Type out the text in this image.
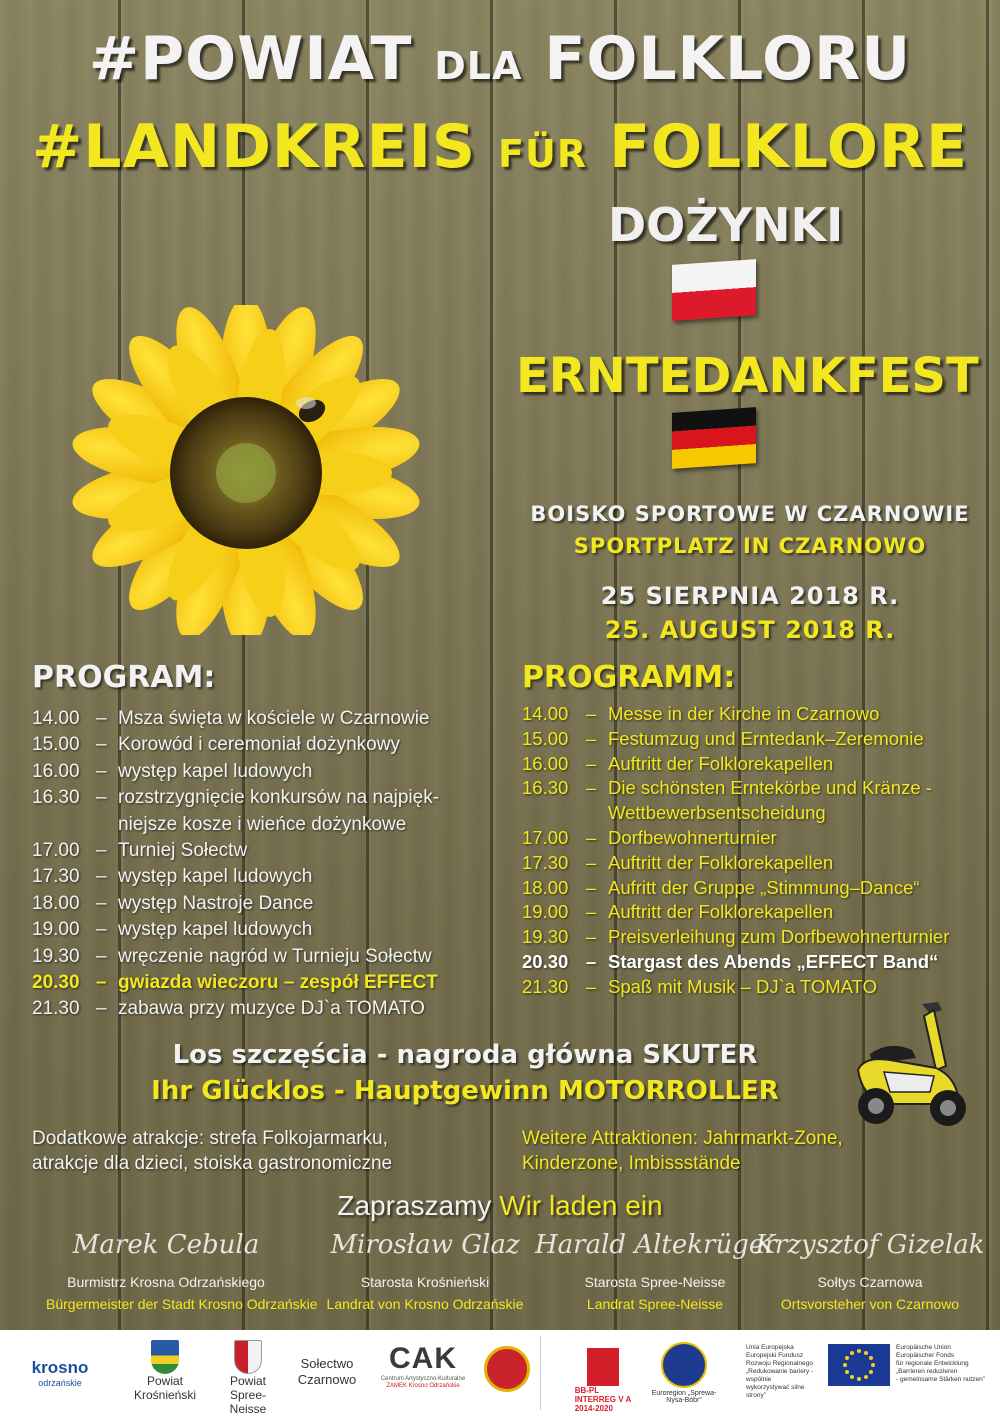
#POWIAT DLA FOLKLORU
#LANDKREIS FÜR FOLKLORE
DOŻYNKI
ERNTEDANKFEST
BOISKO SPORTOWE W CZARNOWIE
SPORTPLATZ IN CZARNOWO
25 SIERPNIA 2018 R.
25. AUGUST 2018 R.
PROGRAM:	PROGRAMM:
14.00 – Msza święta w kościele w Czarnowie
15.00 – Korowód i ceremoniał dożynkowy
16.00 – występ kapel ludowych
16.30 – rozstrzygnięcie konkursów na najpięk-
niejsze kosze i wieńce dożynkowe
17.00 – Turniej Sołectw
17.30 – występ kapel ludowych
18.00 – występ Nastroje Dance
19.00 – występ kapel ludowych
19.30 – wręczenie nagród w Turnieju Sołectw
20.30 – gwiazda wieczoru – zespół EFFECT
21.30 – zabawa przy muzyce DJ`a TOMATO
14.00 – Messe in der Kirche in Czarnowo
15.00 – Festumzug und Erntedank–Zeremonie
16.00 – Auftritt der Folklorekapellen
16.30 – Die schönsten Erntekörbe und Kränze -
Wettbewerbsentscheidung
17.00 – Dorfbewohnerturnier
17.30 – Auftritt der Folklorekapellen
18.00 – Aufritt der Gruppe „Stimmung–Dance“
19.00 – Auftritt der Folklorekapellen
19.30 – Preisverleihung zum Dorfbewohnerturnier
20.30 – Stargast des Abends „EFFECT Band“
21.30 – Spaß mit Musik – DJ`a TOMATO
Los szczęścia - nagroda główna SKUTER
Ihr Glücklos - Hauptgewinn MOTORROLLER
Dodatkowe atrakcje: strefa Folkojarmarku,
atrakcje dla dzieci, stoiska gastronomiczne
Weitere Attraktionen: Jahrmarkt-Zone,
Kinderzone, Imbissstände
Zapraszamy Wir laden ein
Marek Cebula
Burmistrz Krosna Odrzańskiego
Bürgermeister der Stadt Krosno Odrzańskie
Mirosław Glaz
Starosta Krośnieński
Landrat von Krosno Odrzańskie
Harald Altekrüger
Starosta Spree-Neisse
Landrat Spree-Neisse
Krzysztof Gizelak
Sołtys Czarnowa
Ortsvorsteher von Czarnowo
krosno
odrzańskie	Powiat
Krośnieński
Powiat
Spree-Neisse
Sołectwo
Czarnowo
CAK
Centrum Artystyczno-Kulturalne
ZAMEK Krosno Odrzańskie
	BB-PL
INTERREG V A
2014-2020
Euroregion „Sprewa-Nysa-Bóbr”
Unia Europejska
Europejski Fundusz
Rozwoju Regionalnego
„Redukowanie bariery - wspólnie
wykorzystywać silne strony”
Europäische Union
Europäischer Fonds
für regionale Entwicklung
„Barrieren reduzieren
- gemeinsame Stärken nutzen”
